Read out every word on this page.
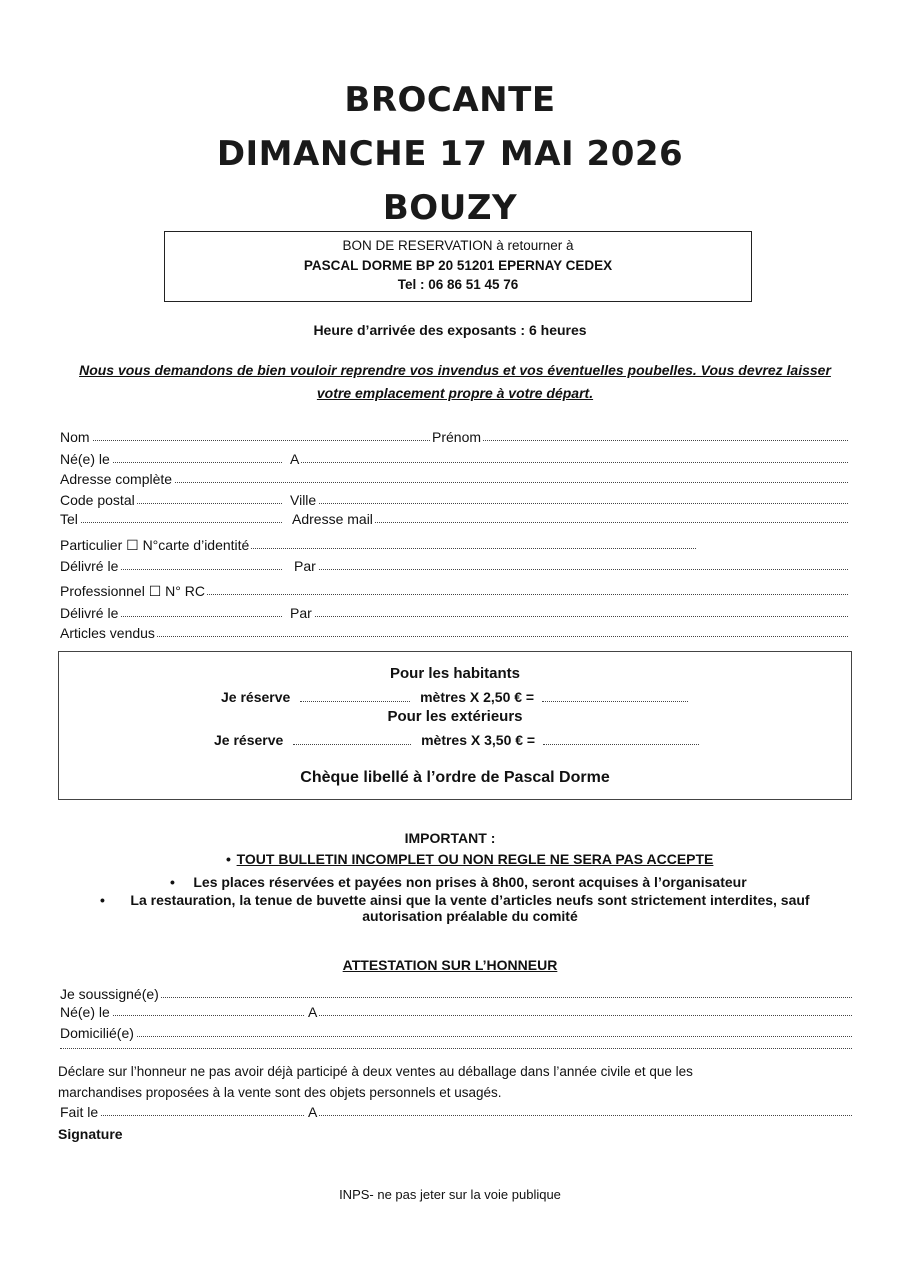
BROCANTE
DIMANCHE 17 MAI 2026
BOUZY
BON DE RESERVATION à retourner à
PASCAL DORME BP 20 51201 EPERNAY CEDEX
Tel : 06 86 51 45 76
Heure d’arrivée des exposants : 6 heures
Nous vous demandons de bien vouloir reprendre vos invendus et vos éventuelles poubelles. Vous devrez laisser
votre emplacement propre à votre départ.
Nom	Prénom
Né(e) le	A
Adresse complète
Code postal	Ville
Tel	Adresse mail
Particulier ☐ N°carte d’identité
Délivré le	Par
Professionnel ☐ N° RC
Délivré le	Par
Articles vendus
Pour les habitants
Je réserve	mètres X 2,50 € =
Pour les extérieurs
Je réserve	mètres X 3,50 € =
Chèque libellé à l’ordre de Pascal Dorme
IMPORTANT :
• TOUT BULLETIN INCOMPLET OU NON REGLE NE SERA PAS ACCEPTE
• Les places réservées et payées non prises à 8h00, seront acquises à l’organisateur
•	La restauration, la tenue de buvette ainsi que la vente d’articles neufs sont strictement interdites, sauf
autorisation préalable du comité
ATTESTATION SUR L’HONNEUR
Je soussigné(e)
Né(e) le	A
Domicilié(e)
Déclare sur l’honneur ne pas avoir déjà participé à deux ventes au déballage dans l’année civile et que les
marchandises proposées à la vente sont des objets personnels et usagés.
Fait le	A
Signature
INPS- ne pas jeter sur la voie publique
